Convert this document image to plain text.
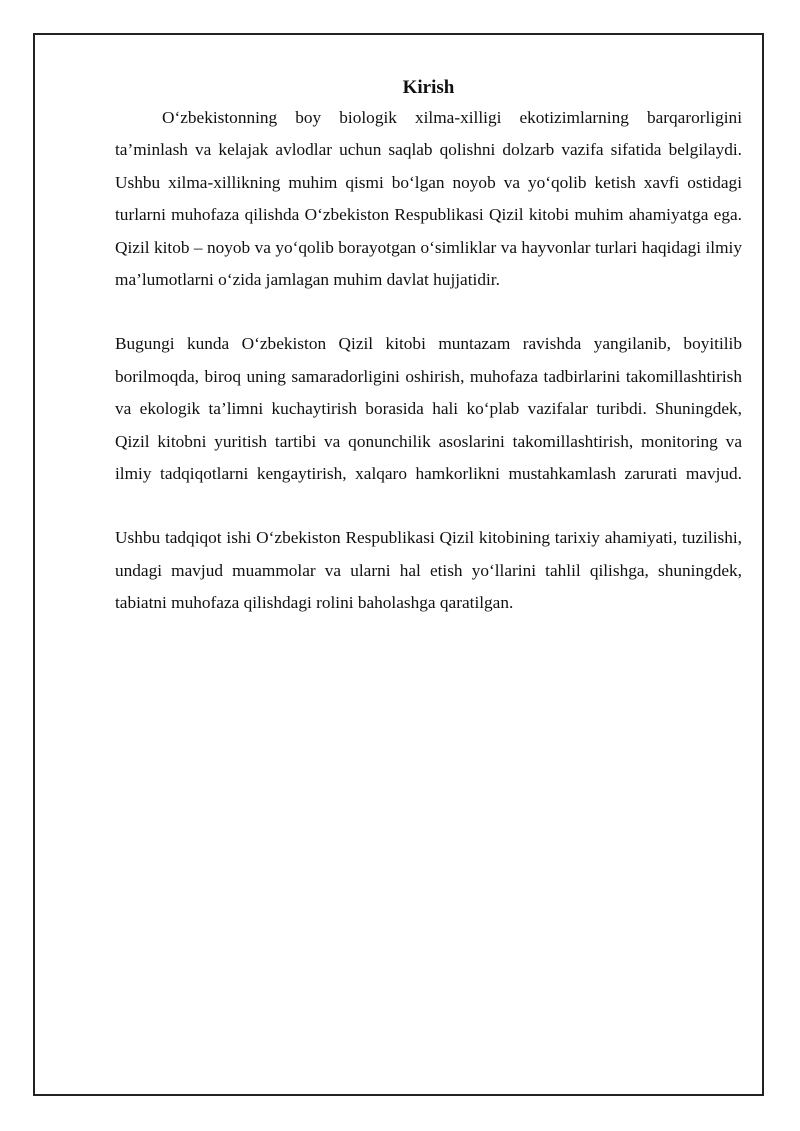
Kirish

O‘zbekistonning boy biologik xilma-xilligi ekotizimlarning barqarorligini ta’minlash va kelajak avlodlar uchun saqlab qolishni dolzarb vazifa sifatida belgilaydi. Ushbu xilma-xillikning muhim qismi bo‘lgan noyob va yo‘qolib ketish xavfi ostidagi turlarni muhofaza qilishda O‘zbekiston Respublikasi Qizil kitobi muhim ahamiyatga ega. Qizil kitob – noyob va yo‘qolib borayotgan o‘simliklar va hayvonlar turlari haqidagi ilmiy ma’lumotlarni o‘zida jamlagan muhim davlat hujjatidir.

Bugungi kunda O‘zbekiston Qizil kitobi muntazam ravishda yangilanib, boyitilib borilmoqda, biroq uning samaradorligini oshirish, muhofaza tadbirlarini takomillashtirish va ekologik ta’limni kuchaytirish borasida hali ko‘plab vazifalar turibdi. Shuningdek, Qizil kitobni yuritish tartibi va qonunchilik asoslarini takomillashtirish, monitoring va ilmiy tadqiqotlarni kengaytirish, xalqaro hamkorlikni mustahkamlash zarurati mavjud.

Ushbu tadqiqot ishi O‘zbekiston Respublikasi Qizil kitobining tarixiy ahamiyati, tuzilishi, undagi mavjud muammolar va ularni hal etish yo‘llarini tahlil qilishga, shuningdek, tabiatni muhofaza qilishdagi rolini baholashga qaratilgan.
